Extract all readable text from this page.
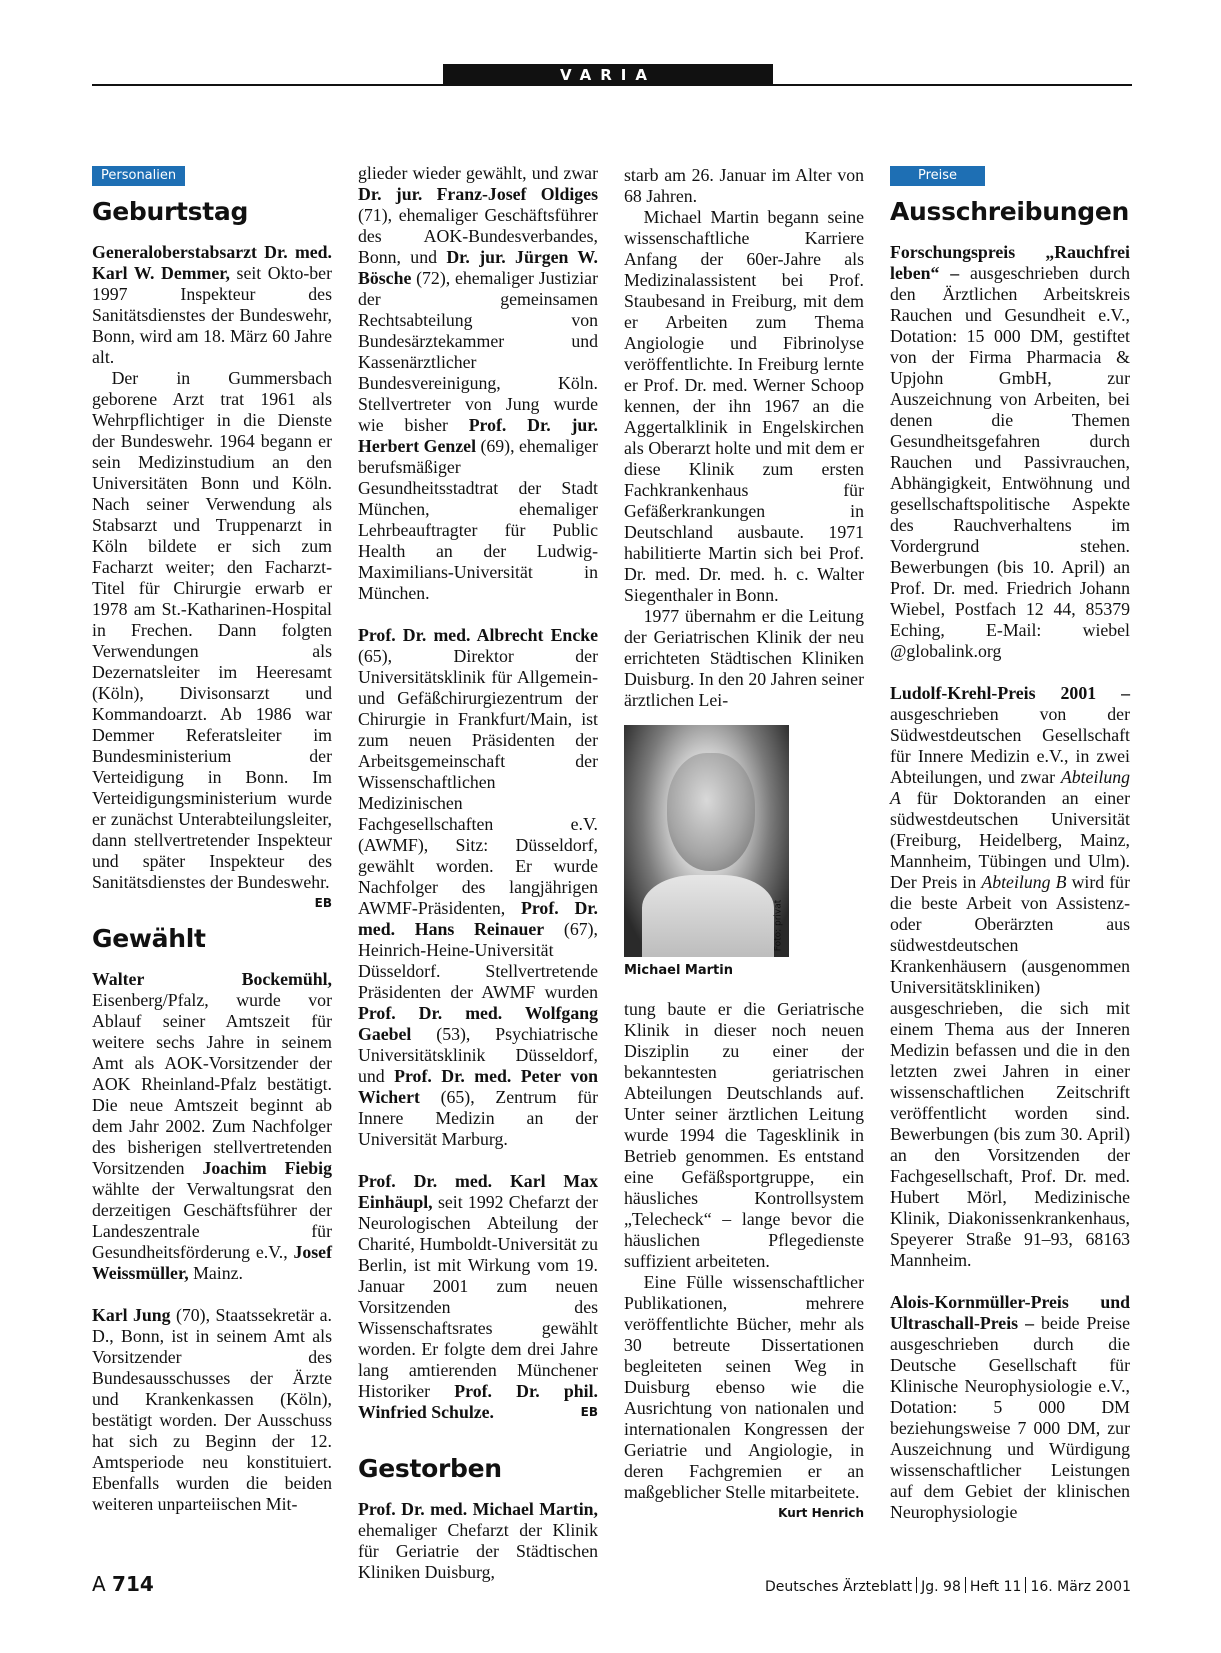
VARIA
Personalien
Geburtstag

Generaloberstabsarzt Dr. med. Karl W. Demmer, seit Okto-ber 1997 Inspekteur des Sanitätsdienstes der Bundeswehr, Bonn, wird am 18. März 60 Jahre alt.

Der in Gummersbach geborene Arzt trat 1961 als Wehrpflichtiger in die Dienste der Bundeswehr. 1964 begann er sein Medizinstudium an den Universitäten Bonn und Köln. Nach seiner Verwendung als Stabsarzt und Truppenarzt in Köln bildete er sich zum Facharzt weiter; den Facharzt-Titel für Chirurgie erwarb er 1978 am St.-Katharinen-Hospital in Frechen. Dann folgten Verwendungen als Dezernatsleiter im Heeresamt (Köln), Divisonsarzt und Kommandoarzt. Ab 1986 war Demmer Referatsleiter im Bundesministerium der Verteidigung in Bonn. Im Verteidigungsministerium wurde er zunächst Unterabteilungsleiter, dann stellvertretender Inspekteur und später Inspekteur des Sanitätsdienstes der Bundeswehr.
EB

Gewählt

Walter Bockemühl, Eisenberg/Pfalz, wurde vor Ablauf seiner Amtszeit für weitere sechs Jahre in seinem Amt als AOK-Vorsitzender der AOK Rheinland-Pfalz bestätigt. Die neue Amtszeit beginnt ab dem Jahr 2002. Zum Nachfolger des bisherigen stellvertretenden Vorsitzenden Joachim Fiebig wählte der Verwaltungsrat den derzeitigen Geschäftsführer der Landeszentrale für Gesundheitsförderung e.V., Josef Weissmüller, Mainz.

Karl Jung (70), Staatssekretär a. D., Bonn, ist in seinem Amt als Vorsitzender des Bundesausschusses der Ärzte und Krankenkassen (Köln), bestätigt worden. Der Ausschuss hat sich zu Beginn der 12. Amtsperiode neu konstituiert. Ebenfalls wurden die beiden weiteren unparteiischen Mit-

glieder wieder gewählt, und zwar Dr. jur. Franz-Josef Oldiges (71), ehemaliger Geschäftsführer des AOK-Bundesverbandes, Bonn, und Dr. jur. Jürgen W. Bösche (72), ehemaliger Justiziar der gemeinsamen Rechtsabteilung von Bundesärztekammer und Kassenärztlicher Bundesvereinigung, Köln. Stellvertreter von Jung wurde wie bisher Prof. Dr. jur. Herbert Genzel (69), ehemaliger berufsmäßiger Gesundheitsstadtrat der Stadt München, ehemaliger Lehrbeauftragter für Public Health an der Ludwig-Maximilians-Universität in München.

Prof. Dr. med. Albrecht Encke (65), Direktor der Universitätsklinik für Allgemein- und Gefäßchirurgiezentrum der Chirurgie in Frankfurt/Main, ist zum neuen Präsidenten der Arbeitsgemeinschaft der Wissenschaftlichen Medizinischen Fachgesellschaften e.V. (AWMF), Sitz: Düsseldorf, gewählt worden. Er wurde Nachfolger des langjährigen AWMF-Präsidenten, Prof. Dr. med. Hans Reinauer (67), Heinrich-Heine-Universität Düsseldorf. Stellvertretende Präsidenten der AWMF wurden Prof. Dr. med. Wolfgang Gaebel (53), Psychiatrische Universitätsklinik Düsseldorf, und Prof. Dr. med. Peter von Wichert (65), Zentrum für Innere Medizin an der Universität Marburg.

Prof. Dr. med. Karl Max Einhäupl, seit 1992 Chefarzt der Neurologischen Abteilung der Charité, Humboldt-Universität zu Berlin, ist mit Wirkung vom 19. Januar 2001 zum neuen Vorsitzenden des Wissenschaftsrates gewählt worden. Er folgte dem drei Jahre lang amtierenden Münchener Historiker Prof. Dr. phil. Winfried Schulze.	EB

Gestorben

Prof. Dr. med. Michael Martin, ehemaliger Chefarzt der Klinik für Geriatrie der Städtischen Kliniken Duisburg,

starb am 26. Januar im Alter von 68 Jahren.

Michael Martin begann seine wissenschaftliche Karriere Anfang der 60er-Jahre als Medizinalassistent bei Prof. Staubesand in Freiburg, mit dem er Arbeiten zum Thema Angiologie und Fibrinolyse veröffentlichte. In Freiburg lernte er Prof. Dr. med. Werner Schoop kennen, der ihn 1967 an die Aggertalklinik in Engelskirchen als Oberarzt holte und mit dem er diese Klinik zum ersten Fachkrankenhaus für Gefäßerkrankungen in Deutschland ausbaute. 1971 habilitierte Martin sich bei Prof. Dr. med. Dr. med. h. c. Walter Siegenthaler in Bonn.

1977 übernahm er die Leitung der Geriatrischen Klinik der neu errichteten Städtischen Kliniken Duisburg. In den 20 Jahren seiner ärztlichen Lei-

Foto: privat
Michael Martin

tung baute er die Geriatrische Klinik in dieser noch neuen Disziplin zu einer der bekanntesten geriatrischen Abteilungen Deutschlands auf. Unter seiner ärztlichen Leitung wurde 1994 die Tagesklinik in Betrieb genommen. Es entstand eine Gefäßsportgruppe, ein häusliches Kontrollsystem „Telecheck“ – lange bevor die häuslichen Pflegedienste suffizient arbeiteten.

Eine Fülle wissenschaftlicher Publikationen, mehrere veröffentlichte Bücher, mehr als 30 betreute Dissertationen begleiteten seinen Weg in Duisburg ebenso wie die Ausrichtung von nationalen und internationalen Kongressen der Geriatrie und Angiologie, in deren Fachgremien er an maßgeblicher Stelle mitarbeitete.
Kurt Henrich

Preise
Ausschreibungen

Forschungspreis „Rauchfrei leben“ – ausgeschrieben durch den Ärztlichen Arbeitskreis Rauchen und Gesundheit e.V., Dotation: 15 000 DM, gestiftet von der Firma Pharmacia & Upjohn GmbH, zur Auszeichnung von Arbeiten, bei denen die Themen Gesundheitsgefahren durch Rauchen und Passivrauchen, Abhängigkeit, Entwöhnung und gesellschaftspolitische Aspekte des Rauchverhaltens im Vordergrund stehen. Bewerbungen (bis 10. April) an Prof. Dr. med. Friedrich Johann Wiebel, Postfach 12 44, 85379 Eching, E-Mail: wiebel @globalink.org

Ludolf-Krehl-Preis 2001 – ausgeschrieben von der Südwestdeutschen Gesellschaft für Innere Medizin e.V., in zwei Abteilungen, und zwar Abteilung A für Doktoranden an einer südwestdeutschen Universität (Freiburg, Heidelberg, Mainz, Mannheim, Tübingen und Ulm). Der Preis in Abteilung B wird für die beste Arbeit von Assistenz- oder Oberärzten aus südwestdeutschen Krankenhäusern (ausgenommen Universitätskliniken) ausgeschrieben, die sich mit einem Thema aus der Inneren Medizin befassen und die in den letzten zwei Jahren in einer wissenschaftlichen Zeitschrift veröffentlicht worden sind. Bewerbungen (bis zum 30. April) an den Vorsitzenden der Fachgesellschaft, Prof. Dr. med. Hubert Mörl, Medizinische Klinik, Diakonissenkrankenhaus, Speyerer Straße 91–93, 68163 Mannheim.

Alois-Kornmüller-Preis und Ultraschall-Preis – beide Preise ausgeschrieben durch die Deutsche Gesellschaft für Klinische Neurophysiologie e.V., Dotation: 5 000 DM beziehungsweise 7 000 DM, zur Auszeichnung und Würdigung wissenschaftlicher Leistungen auf dem Gebiet der klinischen Neurophysiologie

A 714	Deutsches Ärzteblatt Jg. 98 Heft 11 16. März 2001
